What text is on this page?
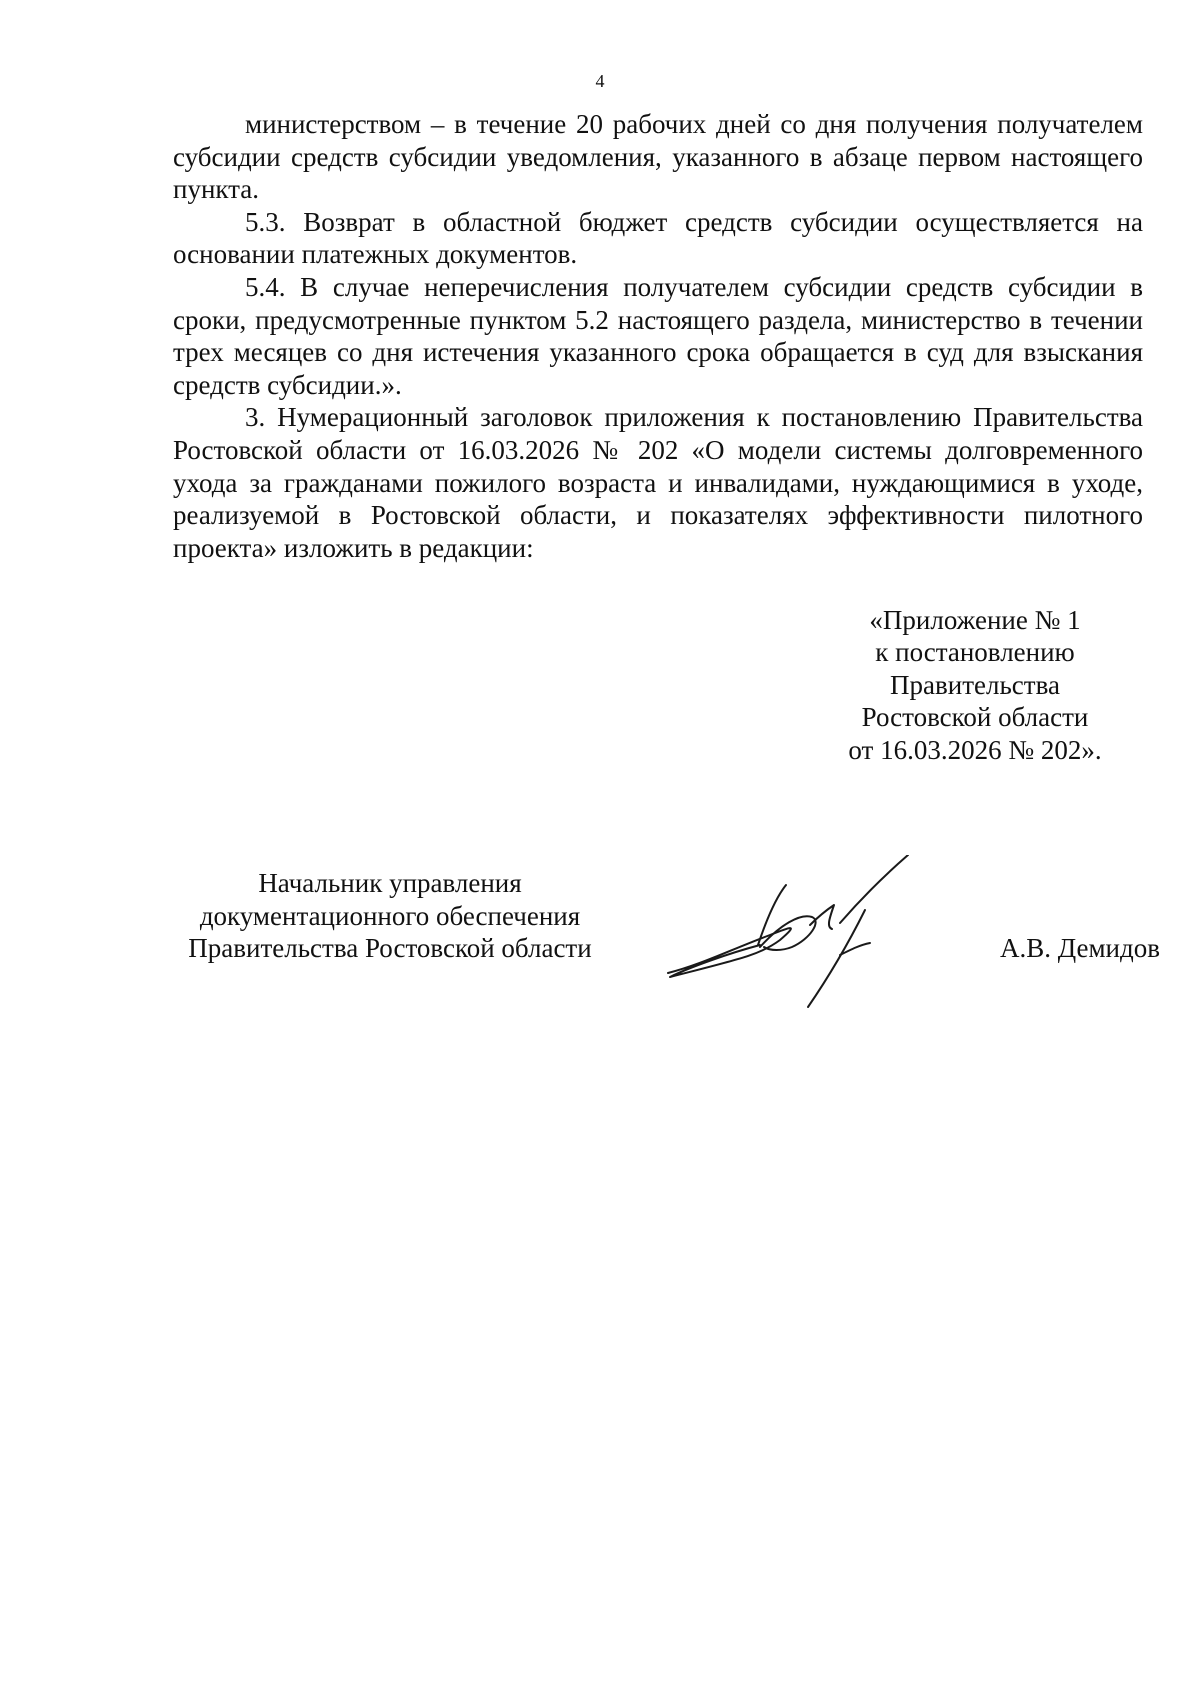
4

министерством – в течение 20 рабочих дней со дня получения получателем субсидии средств субсидии уведомления, указанного в абзаце первом настоящего пункта.

5.3. Возврат в областной бюджет средств субсидии осуществляется на основании платежных документов.

5.4. В случае неперечисления получателем субсидии средств субсидии в сроки, предусмотренные пунктом 5.2 настоящего раздела, министерство в течении трех месяцев со дня истечения указанного срока обращается в суд для взыскания средств субсидии.».

3. Нумерационный заголовок приложения к постановлению Правительства Ростовской области от 16.03.2026 № 202 «О модели системы долговременного ухода за гражданами пожилого возраста и инвалидами, нуждающимися в уходе, реализуемой в Ростовской области, и показателях эффективности пилотного проекта» изложить в редакции:

«Приложение № 1
к постановлению
Правительства
Ростовской области
от 16.03.2026 № 202».
Начальник управления
документационного обеспечения
Правительства Ростовской области	А.В. Демидов
